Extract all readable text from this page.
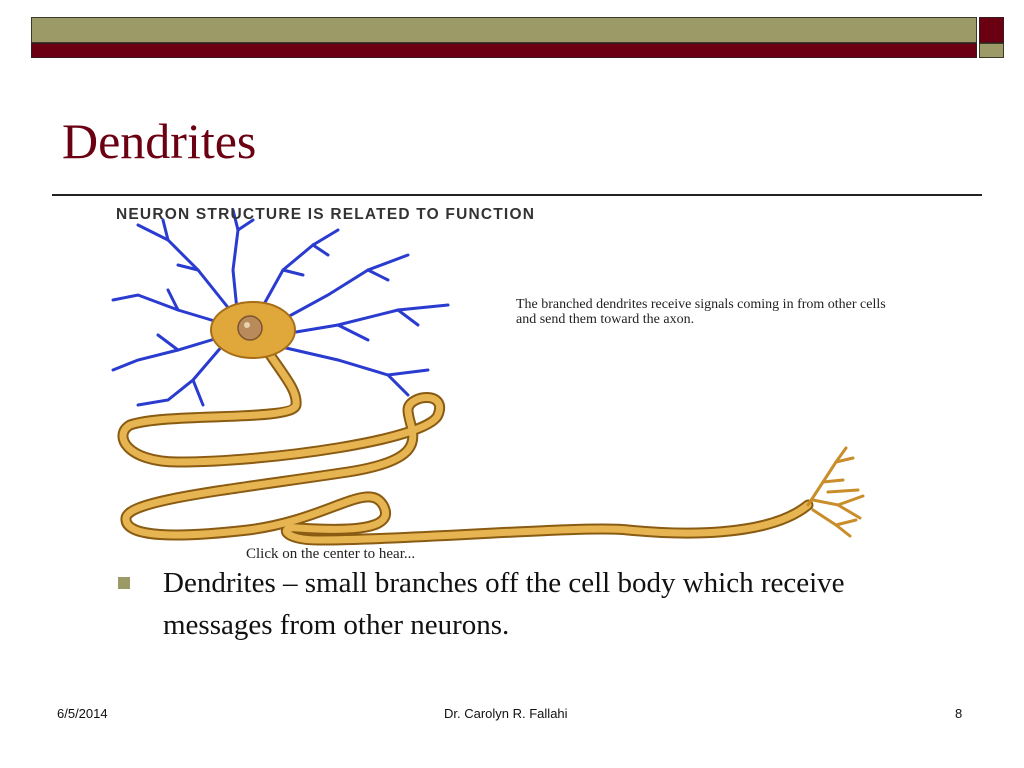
Dendrites
NEURON STRUCTURE IS RELATED TO FUNCTION
The branched dendrites receive signals coming in from other cells and send them toward the axon.
Click on the center to hear...

Dendrites – small branches off the cell body which receive messages from other neurons.

6/5/2014	Dr. Carolyn R. Fallahi	8
